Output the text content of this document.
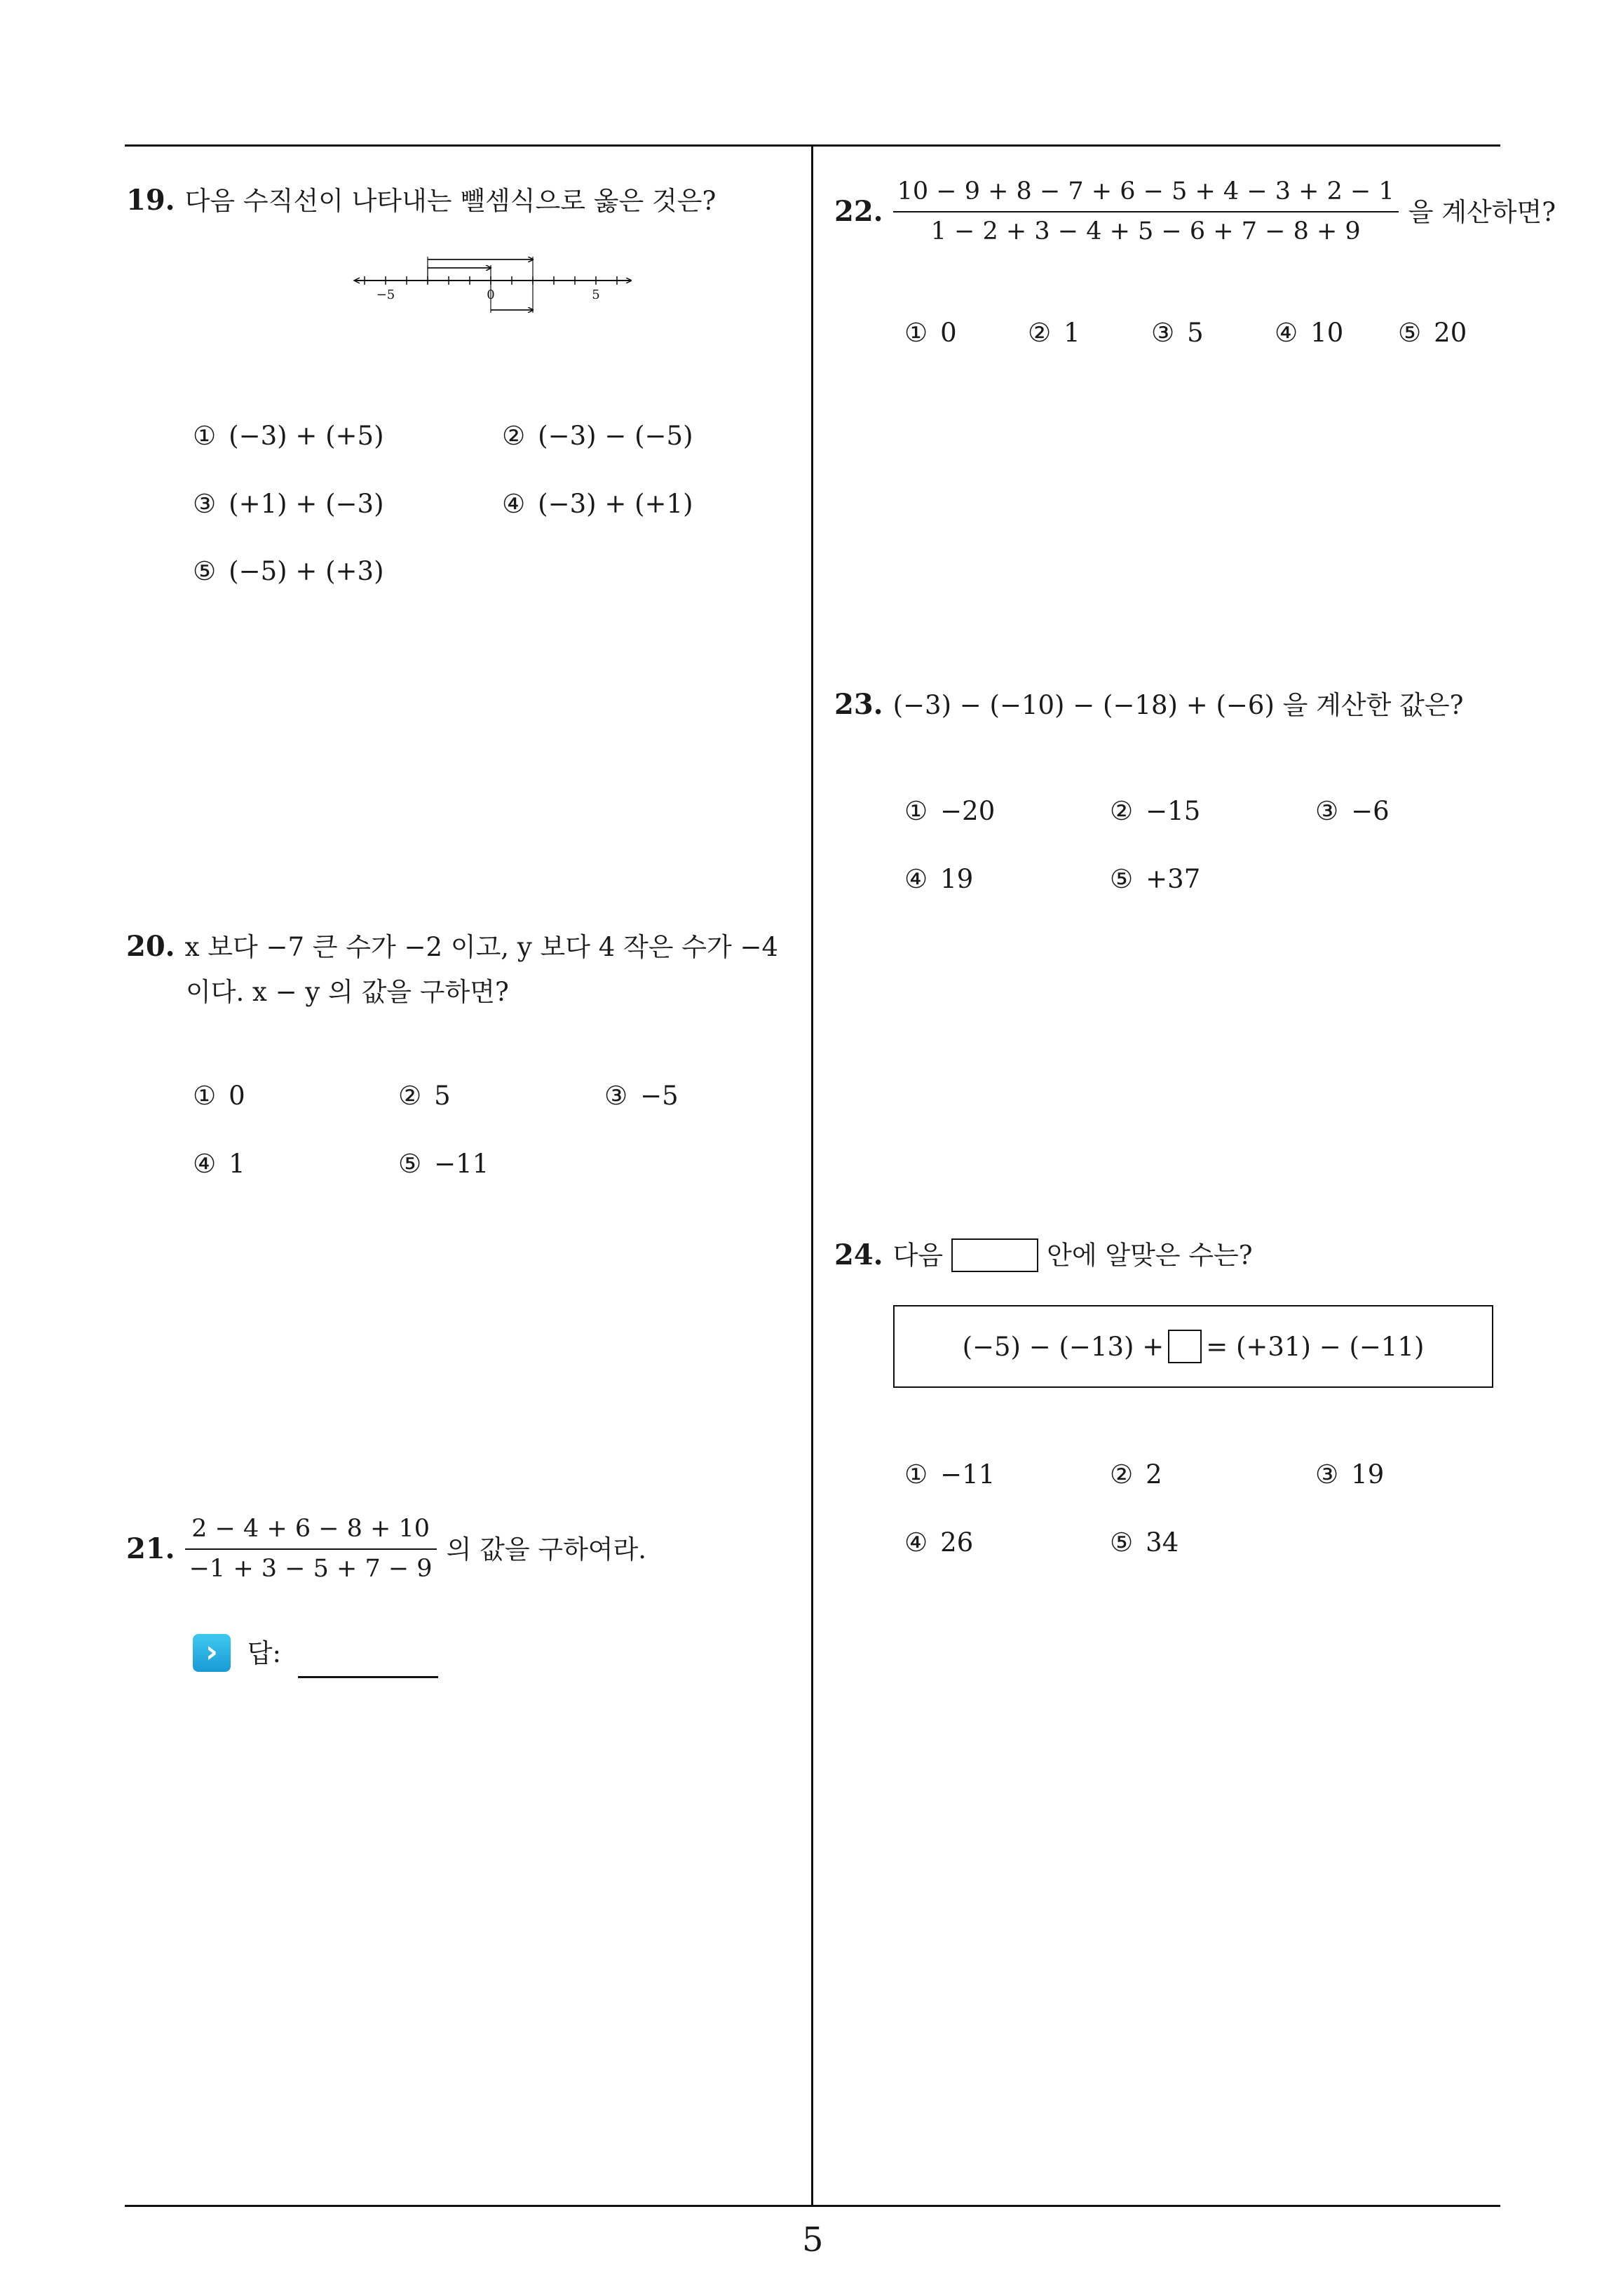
5
19. 다음 수직선이 나타내는 뺄셈식으로 옳은 것은?
−5	0	5
① (−3) + (+5)	② (−3) − (−5)
③ (+1) + (−3)	④ (−3) + (+1)
⑤ (−5) + (+3)
20. x 보다 −7 큰 수가 −2 이고, y 보다 4 작은 수가 −4
이다. x − y 의 값을 구하면?
① 0	② 5	③ −5
④ 1	⑤ −11
21. $\frac{2 - 4 + 6 - 8 + 10}{-1 + 3 - 5 + 7 - 9}$ 의 값을 구하여라.
› 답:
22. $\frac{10 - 9 + 8 - 7 + 6 - 5 + 4 - 3 + 2 - 1}{1 - 2 + 3 - 4 + 5 - 6 + 7 - 8 + 9}$ 을 계산하면?
① 0	② 1	③ 5	④ 10 ⑤ 20
23. (−3) − (−10) − (−18) + (−6) 을 계산한 값은?
① −20	② −15	③ −6
④ 19	⑤ +37
24. 다음	안에 알맞은 수는?
(−5) − (−13) + = (+31) − (−11)
① −11	② 2	③ 19
④ 26	⑤ 34
